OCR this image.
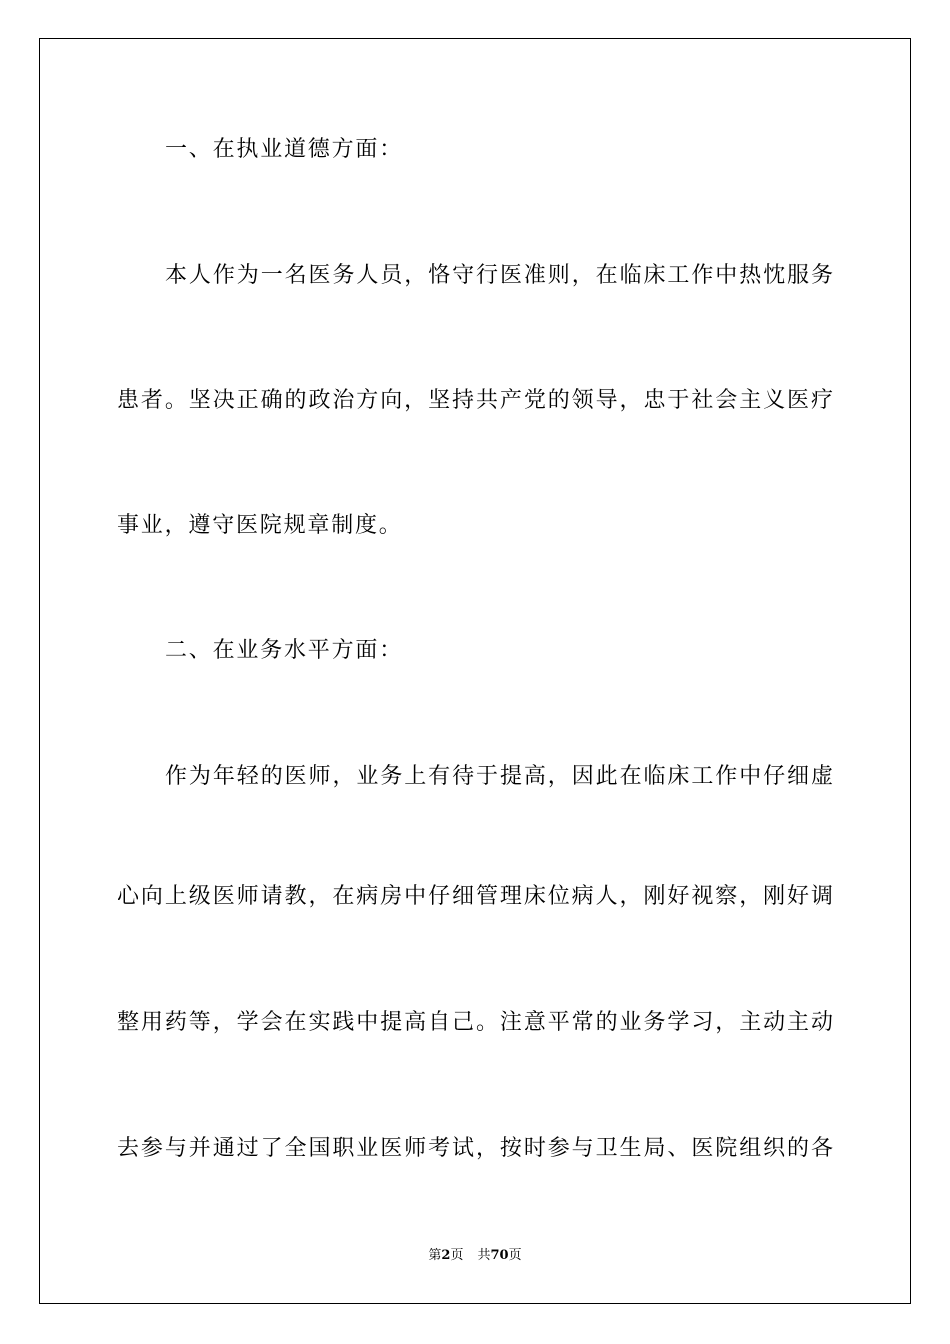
一、在执业道德方面：
本人作为一名医务人员，恪守行医准则，在临床工作中热忱服务
患者。坚决正确的政治方向，坚持共产党的领导，忠于社会主义医疗
事业，遵守医院规章制度。
二、在业务水平方面：
作为年轻的医师，业务上有待于提高，因此在临床工作中仔细虚
心向上级医师请教，在病房中仔细管理床位病人，刚好视察，刚好调
整用药等，学会在实践中提高自己。注意平常的业务学习，主动主动
去参与并通过了全国职业医师考试，按时参与卫生局、医院组织的各
第2页 共70页
